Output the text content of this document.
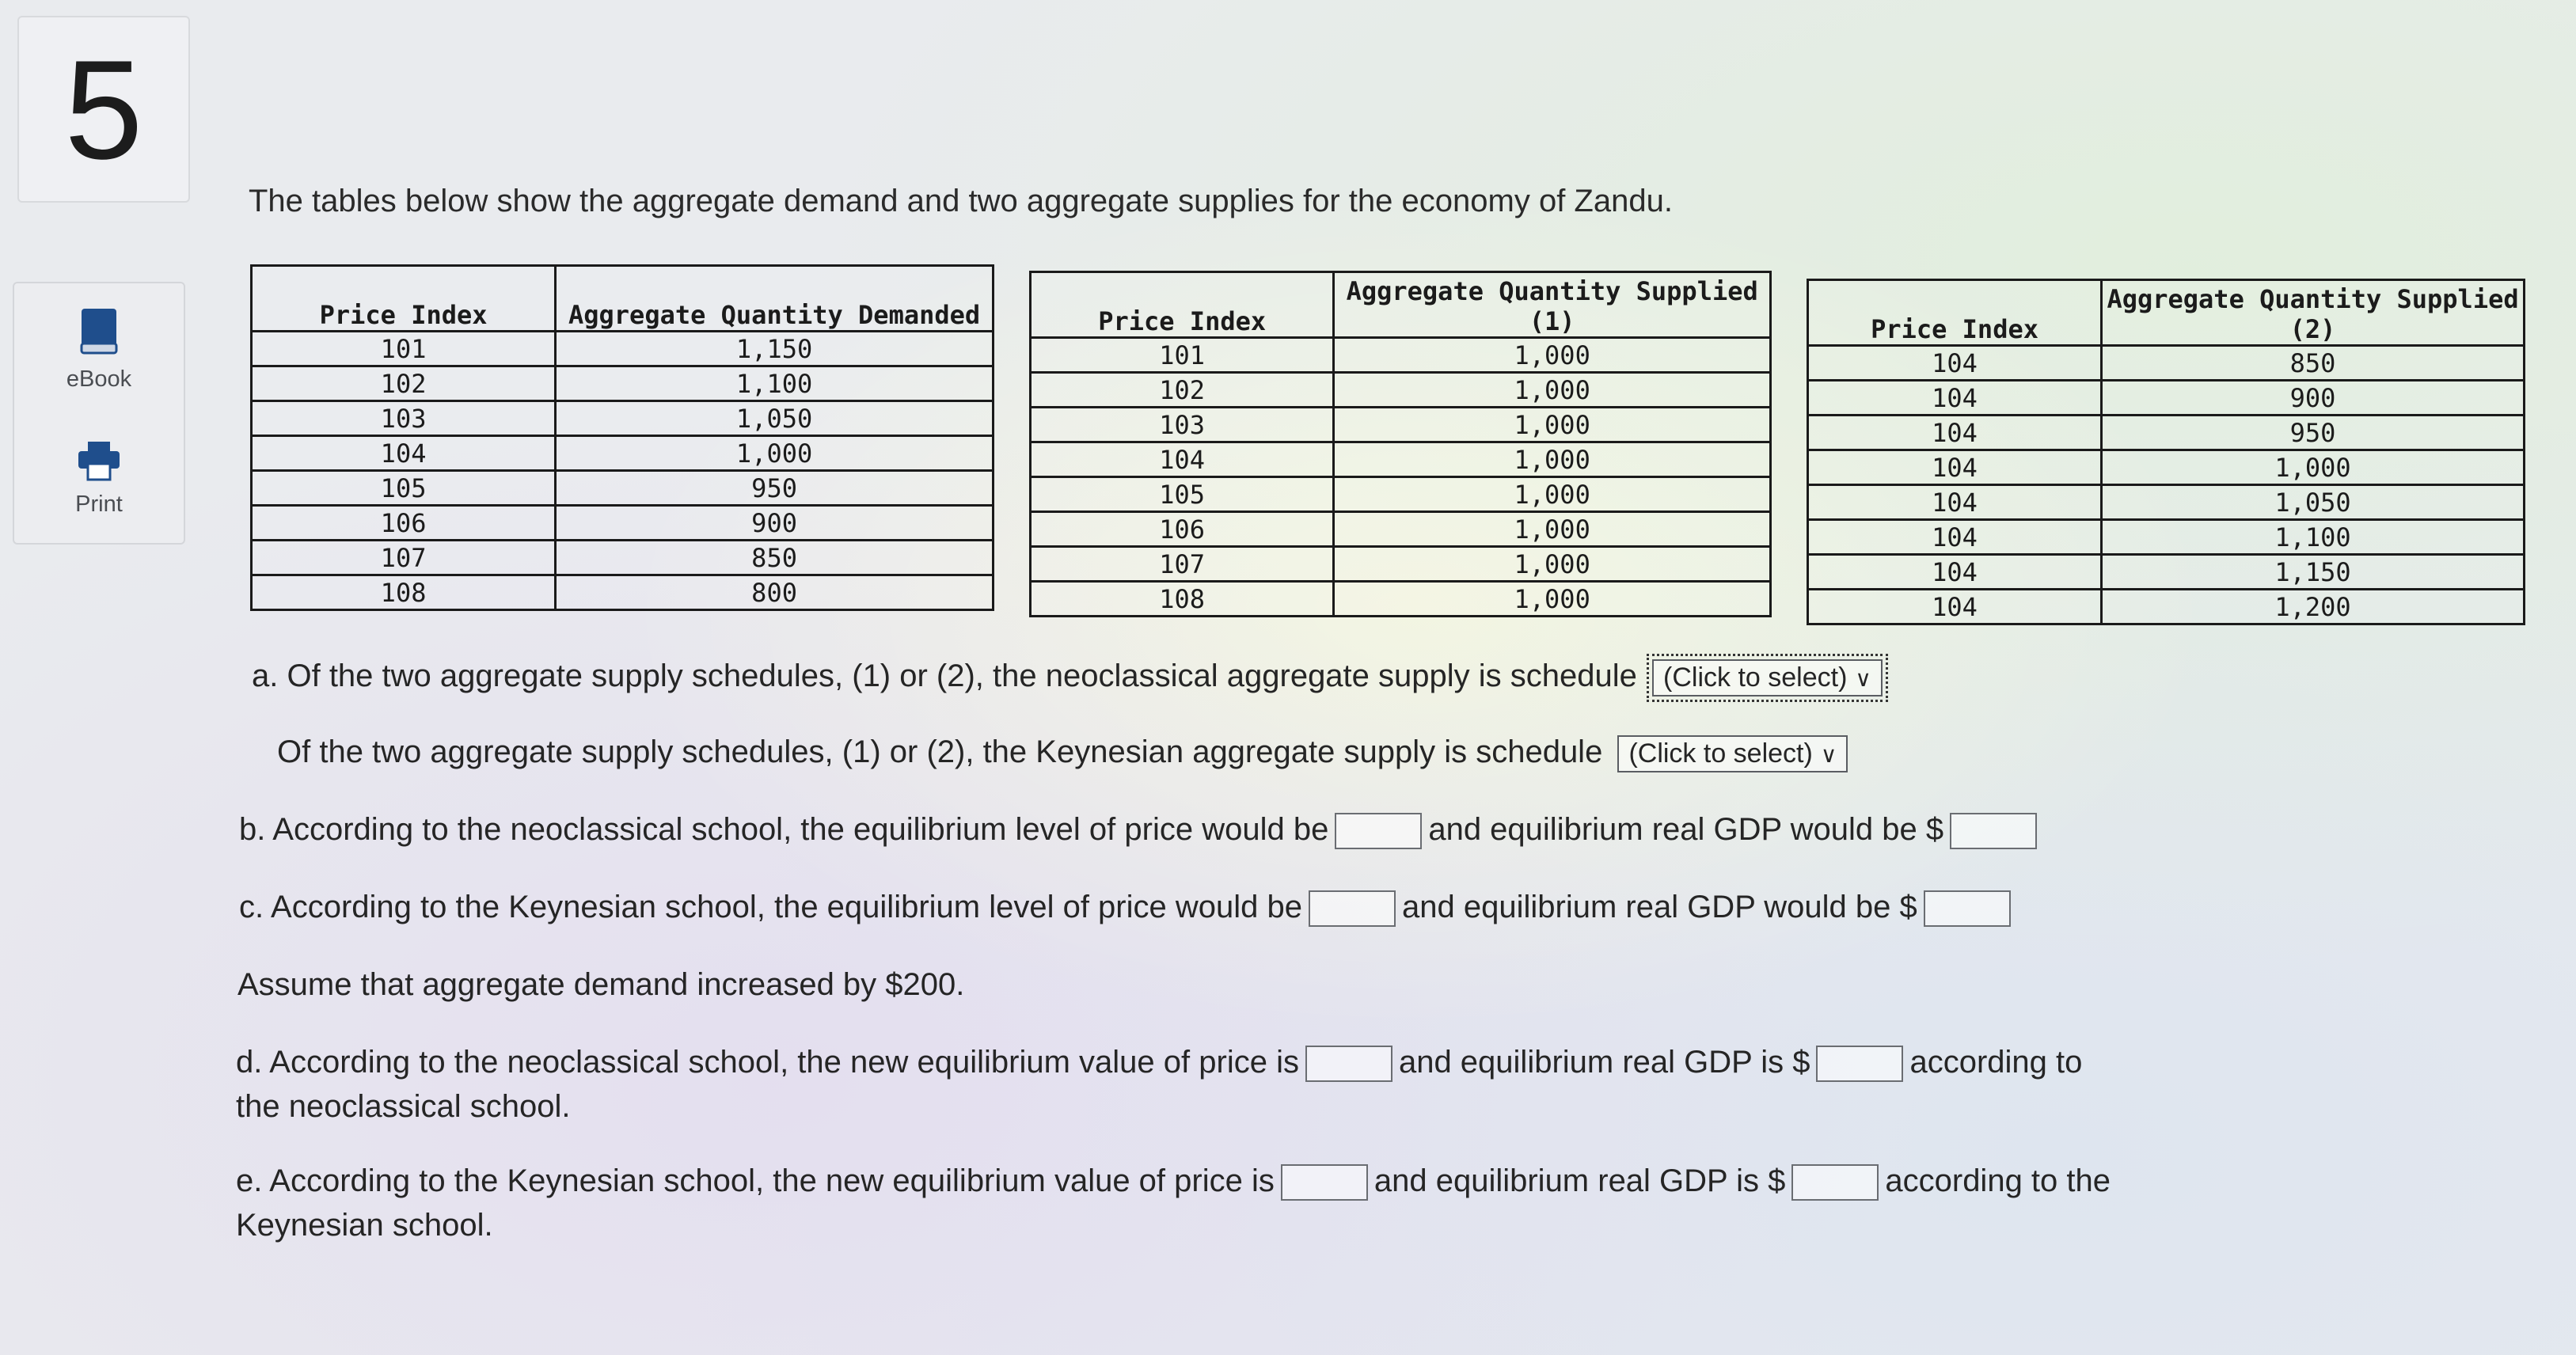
5
eBook
Print
The tables below show the aggregate demand and two aggregate supplies for the economy of Zandu.
Price Index	Aggregate Quantity Demanded
101	1,150
102	1,100
103	1,050
104	1,000
105	950
106	900
107	850
108	800
Price Index	Aggregate Quantity Supplied (1)
101	1,000
102	1,000
103	1,000
104	1,000
105	1,000
106	1,000
107	1,000
108	1,000
Price Index	Aggregate Quantity Supplied (2)
104	850
104	900
104	950
104	1,000
104	1,050
104	1,100
104	1,150
104	1,200
a. Of the two aggregate supply schedules, (1) or (2), the neoclassical aggregate supply is schedule (Click to select) ∨
Of the two aggregate supply schedules, (1) or (2), the Keynesian aggregate supply is schedule (Click to select) ∨
b. According to the neoclassical school, the equilibrium level of price would be	and equilibrium real GDP would be $
c. According to the Keynesian school, the equilibrium level of price would be	and equilibrium real GDP would be $
Assume that aggregate demand increased by $200.
d. According to the neoclassical school, the new equilibrium value of price is	and equilibrium real GDP is $	according to
the neoclassical school.
e. According to the Keynesian school, the new equilibrium value of price is	and equilibrium real GDP is $	according to the
Keynesian school.
